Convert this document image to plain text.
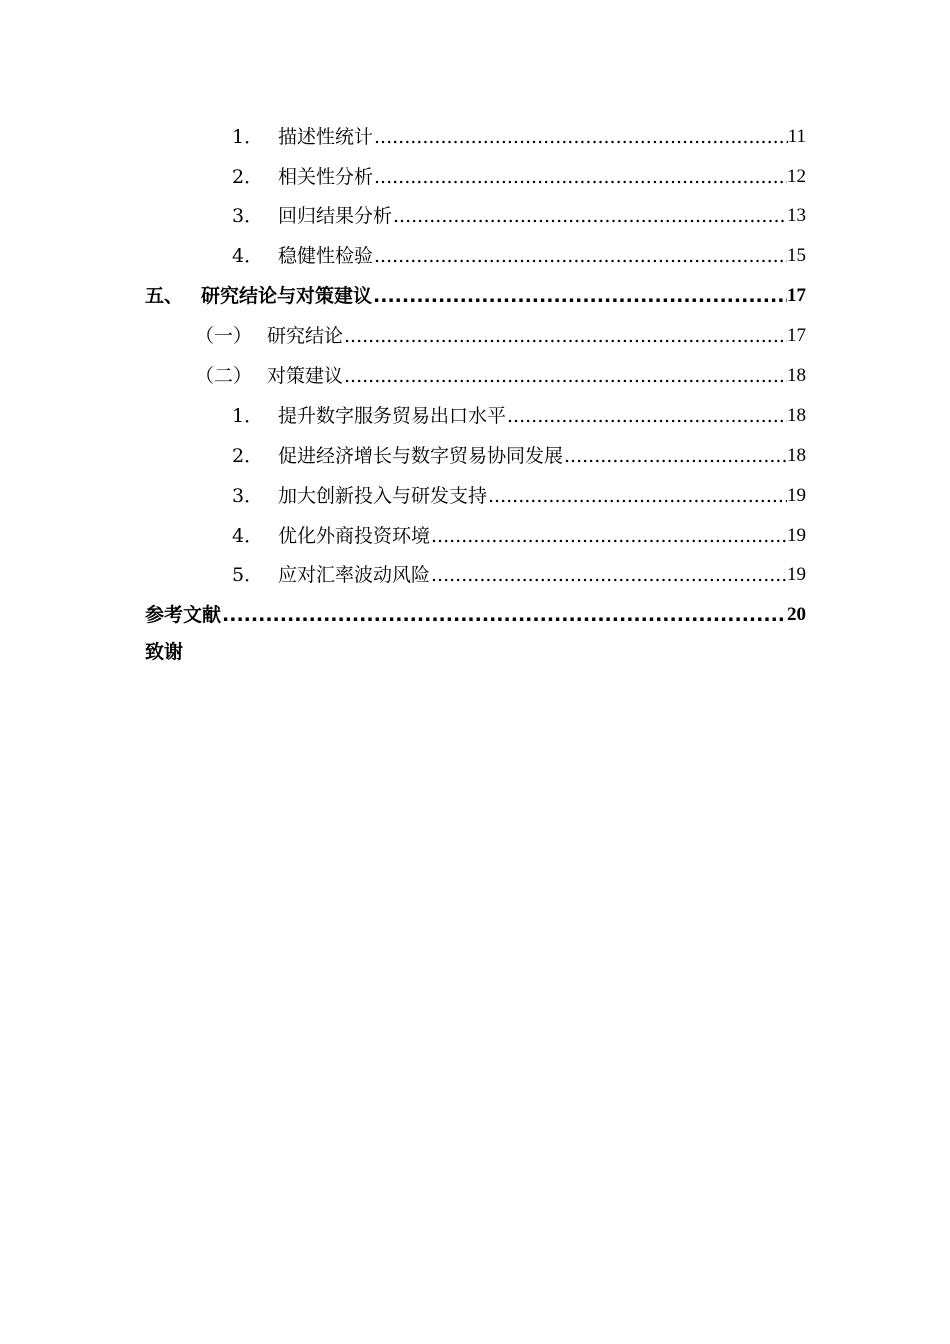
1． 描述性统计 .....	11
2． 相关性分析 .....	12
3． 回归结果分析 .....	13
4． 稳健性检验 .....	15
五、 研究结论与对策建议 .....	17
（一） 研究结论 .....	17
（二） 对策建议 .....	18
1． 提升数字服务贸易出口水平 .....	18
2． 促进经济增长与数字贸易协同发展 .....	18
3． 加大创新投入与研发支持 .....	19
4． 优化外商投资环境 .....	19
5． 应对汇率波动风险 .....	19
参考文献 .....	20
致谢
